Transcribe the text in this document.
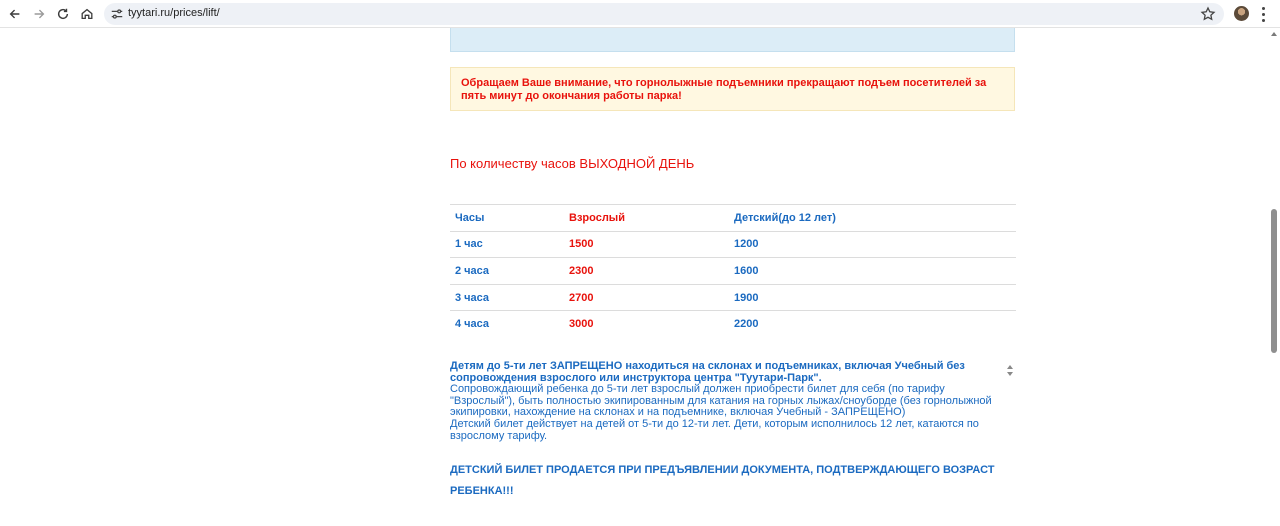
tyytari.ru/prices/lift/

Обращаем Ваше внимание, что горнолыжные подъемники прекращают подъем посетителей за пять минут до окончания работы парка!

По количеству часов ВЫХОДНОЙ ДЕНЬ
Часы	Взрослый	Детский(до 12 лет)
1 час	1500	1200
2 часа	2300	1600
3 часа	2700	1900
4 часа	3000	2200
Детям до 5-ти лет ЗАПРЕЩЕНО находиться на склонах и подъемниках, включая Учебный без сопровождения взрослого или инструктора центра "Туутари-Парк".
Сопровождающий ребенка до 5-ти лет взрослый должен приобрести билет для себя (по тарифу "Взрослый"), быть полностью экипированным для катания на горных лыжах/сноуборде (без горнолыжной экипировки, нахождение на склонах и на подъемнике, включая Учебный - ЗАПРЕЩЕНО)
Детский билет действует на детей от 5-ти до 12-ти лет. Дети, которым исполнилось 12 лет, катаются по взрослому тарифу.
ДЕТСКИЙ БИЛЕТ ПРОДАЕТСЯ ПРИ ПРЕДЪЯВЛЕНИИ ДОКУМЕНТА, ПОДТВЕРЖДАЮЩЕГО ВОЗРАСТ
РЕБЕНКА!!!
